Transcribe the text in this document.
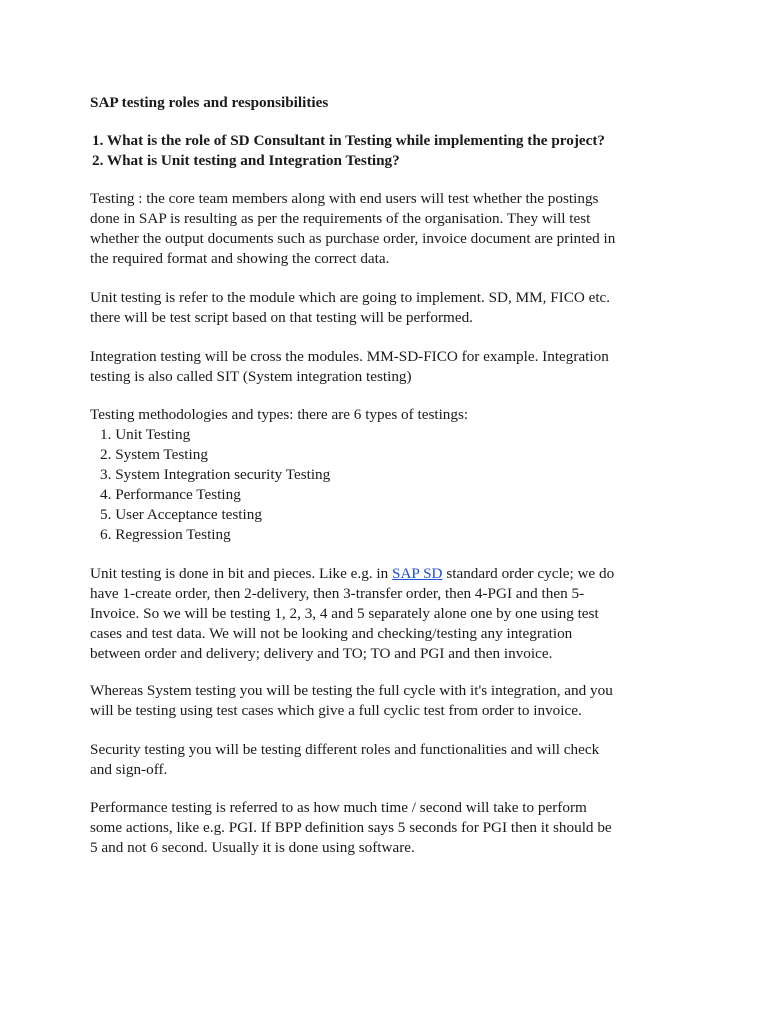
SAP testing roles and responsibilities
1. What is the role of SD Consultant in Testing while implementing the project?
2. What is Unit testing and Integration Testing?

Testing : the core team members along with end users will test whether the postings
done in SAP is resulting as per the requirements of the organisation. They will test
whether the output documents such as purchase order, invoice document are printed in
the required format and showing the correct data.

Unit testing is refer to the module which are going to implement. SD, MM, FICO etc.
there will be test script based on that testing will be performed.

Integration testing will be cross the modules. MM-SD-FICO for example. Integration
testing is also called SIT (System integration testing)

Testing methodologies and types: there are 6 types of testings:
1. Unit Testing
2. System Testing
3. System Integration security Testing
4. Performance Testing
5. User Acceptance testing
6. Regression Testing

Unit testing is done in bit and pieces. Like e.g. in SAP SD standard order cycle; we do
have 1-create order, then 2-delivery, then 3-transfer order, then 4-PGI and then 5-
Invoice. So we will be testing 1, 2, 3, 4 and 5 separately alone one by one using test
cases and test data. We will not be looking and checking/testing any integration
between order and delivery; delivery and TO; TO and PGI and then invoice.

Whereas System testing you will be testing the full cycle with it's integration, and you
will be testing using test cases which give a full cyclic test from order to invoice.

Security testing you will be testing different roles and functionalities and will check
and sign-off.

Performance testing is referred to as how much time / second will take to perform
some actions, like e.g. PGI. If BPP definition says 5 seconds for PGI then it should be
5 and not 6 second. Usually it is done using software.
